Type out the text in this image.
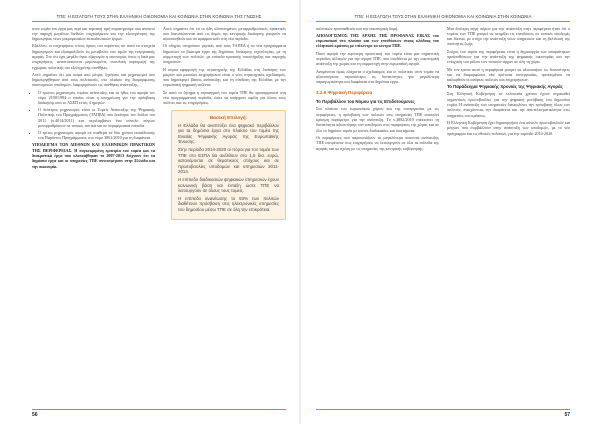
ΤΠΕ: Η ΕΙΣΑΓΩΓΗ ΤΟΥΣ ΣΤΗΝ ΕΛΛΗΝΙΚΗ ΟΙΚΟΝΟΜΙΑ ΚΑΙ ΚΟΙΝΩΝΙΑ ΣΤΗΝ ΚΟΙΝΩΝΙΑ ΤΗΣ ΓΝΩΣΗΣ

στον τομέα του έργα μας περί και τομεακή τιμή παρατηρούμε πως ανοικτό την παροχή μεγάλων διεθνών επιχειρήσεων και την εξυπηρέτηση της δημιουργίας νέων μικρομεσαίων εκπαιδευτικών έργων.

Εξάλλου, οι επιχειρήσεις στους όρους του παρόντος απ αυτά τα στοιχεία δημιουργούν και εξασφαλίζουν τις μεταβολές των τιμών της ενεργειακής αγοράς. Στο ότι έχει μεγάλο όγκο εξαγωγών η οικονομία, όπως η δικά μας επιχειρήσεις, αναπτύσσονται μεμονωμένα, συνολική παραγωγή της εγχώριας πολιτικής πιο εξελιγμένης συνθήκες.

Αυτό σημαίνει ότι μια σειρά από μέτρα, ζητήσεις και μηχανισμοί που δημιουργήθηκαν από τους πολιτικούς, στο πλαίσιο της διαμόρφωσης οικονομικών υποδομών, διαμορφώνουν τις συνθήκες ανάπτυξης.

• Ο πρώτος μηχανισμός τομέας ανάπτυξης και το ήθος του αφορά τον νόμο 2190/1994 ο οποίος είναι η υποχρέωση για την πρόσβαση διοίκησης από το ΑΣΕΠ εντός 4 ημερών.
• Ο δεύτερος μηχανισμός είναι οι Τομείς Ανάπτυξης της Ψηφιακής Πολιτικής του Προγράμματος (ΤΑΠΕΔ) που ξεκίνησε τον Ιούλιο του 2011 (ν.4014/2011) και περιλαμβάνει ένα σύνολο πάγιων μεταρρυθμίσεων σε τοπικά, αστικά και σε περιφερειακά επίπεδα.
• Ο τρίτος μηχανισμός αφορά σε σταθερά τα δύο χρόνια εκπαίδευσης του Παρόντος Προγράμματος στο νόμο 3861/2010 για τη διαφάνεια.

ΥΠΟΔΕΙΓΜΑ ΤΩΝ ΔΙΕΘΝΩΝ ΚΑΙ ΕΛΛΗΝΙΚΩΝ ΠΡΑΚΤΙΚΩΝ ΤΗΣ ΠΕΡΙΦΕΡΕΙΑΣ. Η συγκεκριμένη εμπειρία του τομέα και τα διακρατικά έργα που υλοποιήθηκαν το 2007-2013 δείχνουν ότι τα δημόσια έργα και οι υπηρεσίες ΤΠΕ συνεισφέρουν στην Ελλάδα και την οικονομία.

Αυτό σημαίνει ότι τα οι ήδη υλοποιημένες μεταρρυθμιστικές πρακτικές που διατυπώνονται από τις δομές της κεντρικής διοίκησης μπορούν να αξιοποιηθούν και να εφαρμοστούν στη νέα περίοδο.

Οι οδηγίες στοχεύουν μερικές από τους ΤΑΠΕΔ ή τα νέα προγράμματα δημοσίων τα βιώσιμα έργα της δημόσιας διοίκησης τεχνολογίας, με τη συμμετοχή των πολιτών, με επίπεδο κρατικής υποστήριξης και παροχής υπηρεσιών.

Η κύρια εφαρμογή της στρατηγικής της Ελλάδας στη διοίκηση των μικρών και μεσαίων επιχειρήσεων είναι ο νέος στρατηγικός σχεδιασμός, που δημιουργεί βάσεις ανάπτυξης και τη σύνδεση της Ελλάδας με την ευρωπαϊκή ψηφιακή ατζέντα.

Σε αυτό το ζήτημα η στρατηγική του τομέα ΤΠΕ θα προσαρμοστεί στη νέα προγραμματική περίοδο, ώστε να υπάρχουν οφέλη για όλους τους πολίτες και τις επιχειρήσεις.

Βασική Επιλογή:

Η Ελλάδα θα αναπτύξει ένα ψηφιακό περιβάλλον για τα δημόσια έργα στο πλαίσιο του τομέα της Ενιαίας Ψηφιακής Αγοράς της Ευρωπαϊκής Ένωσης.

Στην περίοδο 2014-2020 οι πόροι για τον τομέα των ΤΠΕ στο ΕΣΠΑ θα ανέλθουν στο 1,5 δισ. ευρώ, κατανέμονται σε θεματικούς στόχους και σε πρωτοβουλίες υποδομών και υπηρεσιών 2011-2014.

Η επίπεδο διαδικασιών ψηφιακών υπηρεσιών έχουν κοινωνική βάση και ένταξη ώστε ΤΠΕ να λειτουργούν σε όλους τους τομείς.

Η επίπεδο ανανέωσης το 93% των πολιτών διαθέτουν πρόσβαση στις ηλεκτρονικές υπηρεσίες του δημοσίου μέσω ΤΠΕ σε όλη την επικράτεια.

56
ΤΠΕ: Η ΕΙΣΑΓΩΓΗ ΤΟΥΣ ΣΤΗΝ ΕΛΛΗΝΙΚΗ ΟΙΚΟΝΟΜΙΑ ΚΑΙ ΚΟΙΝΩΝΙΑ ΣΤΗΝ ΚΟΙΝΩΝΙΑ

πολιτικών προσπαθειών και την οικονομική δομή.

ΑΠΟΛΟΓΙΣΜΟΣ ΤΗΣ ΑΡΧΗΣ ΤΗΣ ΠΡΟΦΑΝΑΣ ΕΙΚΑΣ του ευρωπαϊκού στο πλαίσιο και των επενδύσεων στους κλάδους του ελληνικού κράτους με επίκεντρο τα κέντρα ΤΠΕ.

Όσον αφορά την ευρύτερη προοπτική του τομέα είναι μια σημαντική περίοδος αλλαγών για την αγορά ΤΠΕ, που συνδέεται με την οικονομική ανάπτυξη της χώρας και τη συμμετοχή στην ευρωπαϊκή αγορά.

Αναμένεται όμως ελάχιστα ο σχεδιασμός και οι πολιτικές στον τομέα να αξιοποιήσουν περισσότερο τις δυνατότητες για μεγαλύτερη παραγωγικότητα και διαφάνεια στα δημόσια έργα.

3.2.6 Ψηφιακή Περιφέρεια
Το Περιβάλλον του Νόμου για τις Επιδοτούμενες

Στο πλαίσιο του ευρωπαϊκού χώρου και της συνεργασίας με τις περιφέρειες, η πρόσβαση των πολιτών στις υπηρεσίες ΤΠΕ αποτελεί κρίσιμη παράμετρο για την ανάπτυξη. Το ν.3882/2010 επεκτείνει τη δυνατότητα αξιοποίησης των υποδομών στις περιφέρειες της χώρας και σε όλο το δημόσιο τομέα με κοινές διαδικασίες και συστήματα.

Οι περιφέρειες που παρουσιάζουν τα μεγαλύτερα ποσοστά ανάπτυξης ΤΠΕ επιτρέπουν στις επιχειρήσεις να λειτουργούν σε όλα τα επίπεδα της αγοράς και σε σχέση με τις υπηρεσίες της κεντρικής κυβέρνησης.

Μια δεύτερη πηγή πόρων για την ανάπτυξη στην περιφέρεια ήταν ότι ο τομέας των ΤΠΕ μπορεί να στηρίξει τις επενδύσεις σε τοπικές υποδομές και δίκτυα, με στόχο την ανάπτυξη νέων υπηρεσιών και τη βελτίωση της ποιότητας ζωής.

Στόχος του τομέα της περιφέρειας είναι η δημιουργία των απαραίτητων προϋποθέσεων για την ανάπτυξη της ψηφιακής οικονομίας και την ενίσχυση του ρόλου των τοπικών αρχών σε όλη τη χώρα.

Με τον τρόπο αυτό η περιφέρεια μπορεί να αξιοποιήσει τις δυνατότητες και να διαμορφώσει νέα πρότυπα συνεργασίας, προκειμένου να καλυφθούν οι ανάγκες πολιτών και επιχειρήσεων.

Το Παράδειγμα Ψηφιακής Χρονιάς της Ψηφιακής Αγοράς

Στη Ελληνική Κυβέρνηση τα τελευταία χρόνια έχουν σημειωθεί σημαντικές πρωτοβουλίες για την ψηφιακή μετάβαση του δημοσίου τομέα. Η ανάπτυξη των υπηρεσιών διευκολύνει την πρόσβαση όλων των πολιτών, ενισχύοντας την διαφάνεια και την αποτελεσματικότητα στις υπηρεσίες του κράτους.

Η Ελληνική Κυβέρνηση έχει δημιουργήσει ένα σύνολο πρωτοβουλιών και μέτρων που συμβάλλουν στην ανάπτυξη των υποδομών, με το νέο πρόγραμμα και τις εθνικές πολιτικές για την περίοδο 2014-2020.

57
